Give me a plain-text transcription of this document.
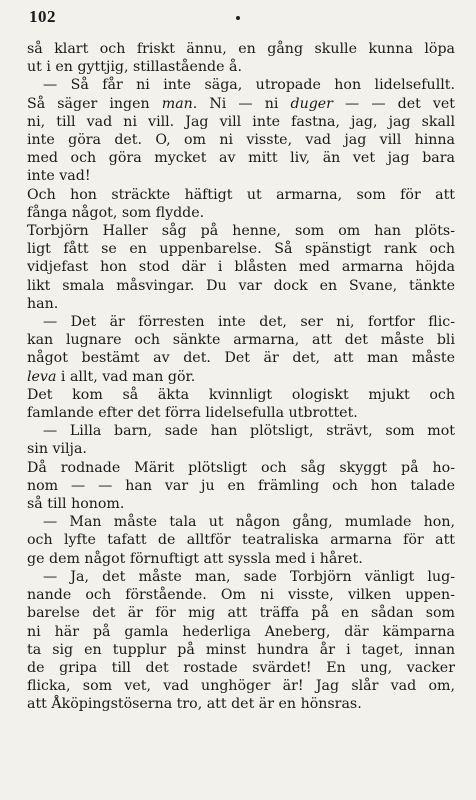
102
så klart och friskt ännu, en gång skulle kunna löpa
ut i en gyttjig, stillastående å.
— Så får ni inte säga, utropade hon lidelsefullt.
Så säger ingen man. Ni — ni duger — — det vet
ni, till vad ni vill. Jag vill inte fastna, jag, jag skall
inte göra det. O, om ni visste, vad jag vill hinna
med och göra mycket av mitt liv, än vet jag bara
inte vad!
Och hon sträckte häftigt ut armarna, som för att
fånga något, som flydde.
Torbjörn Haller såg på henne, som om han plöts-
ligt fått se en uppenbarelse. Så spänstigt rank och
vidjefast hon stod där i blåsten med armarna höjda
likt smala måsvingar. Du var dock en Svane, tänkte
han.
— Det är förresten inte det, ser ni, fortfor flic-
kan lugnare och sänkte armarna, att det måste bli
något bestämt av det. Det är det, att man måste
leva i allt, vad man gör.
Det kom så äkta kvinnligt ologiskt mjukt och
famlande efter det förra lidelsefulla utbrottet.
— Lilla barn, sade han plötsligt, strävt, som mot
sin vilja.
Då rodnade Märit plötsligt och såg skyggt på ho-
nom — — han var ju en främling och hon talade
så till honom.
— Man måste tala ut någon gång, mumlade hon,
och lyfte tafatt de alltför teatraliska armarna för att
ge dem något förnuftigt att syssla med i håret.
— Ja, det måste man, sade Torbjörn vänligt lug-
nande och förstående. Om ni visste, vilken uppen-
barelse det är för mig att träffa på en sådan som
ni här på gamla hederliga Aneberg, där kämparna
ta sig en tupplur på minst hundra år i taget, innan
de gripa till det rostade svärdet! En ung, vacker
flicka, som vet, vad unghöger är! Jag slår vad om,
att Åköpingstöserna tro, att det är en hönsras.
